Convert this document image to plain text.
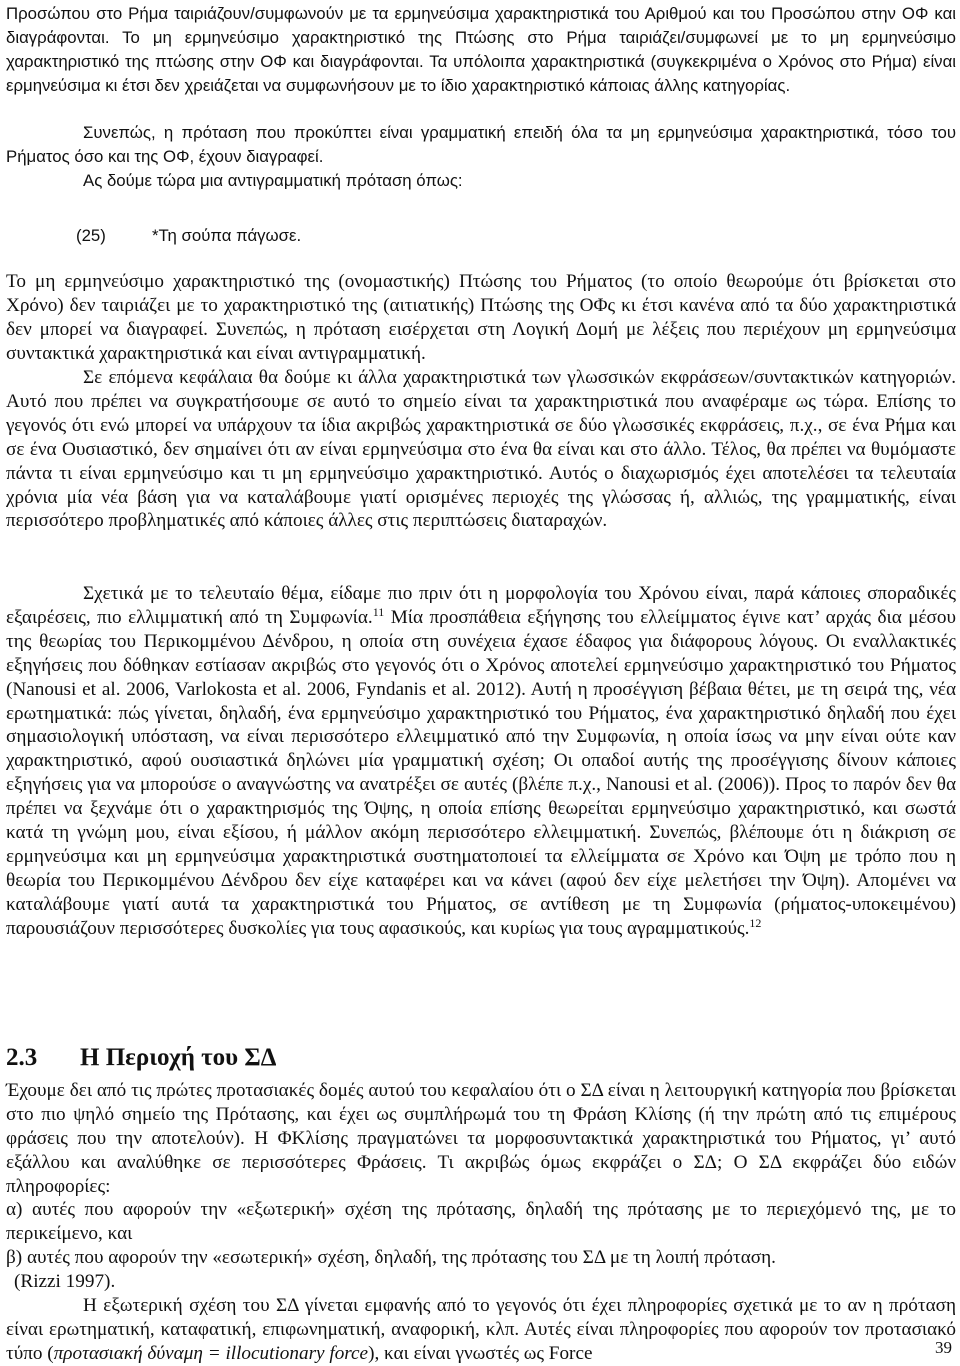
Προσώπου στο Ρήμα ταιριάζουν/συμφωνούν με τα ερμηνεύσιμα χαρακτηριστικά του Αριθμού και του Προσώπου στην ΟΦ και διαγράφονται. Το μη ερμηνεύσιμο χαρακτηριστικό της Πτώσης στο Ρήμα ταιριάζει/συμφωνεί με το μη ερμηνεύσιμο χαρακτηριστικό της πτώσης στην ΟΦ και διαγράφονται. Τα υπόλοιπα χαρακτηριστικά (συγκεκριμένα ο Χρόνος στο Ρήμα) είναι ερμηνεύσιμα κι έτσι δεν χρειάζεται να συμφωνήσουν με το ίδιο χαρακτηριστικό κάποιας άλλης κατηγορίας.

Συνεπώς, η πρόταση που προκύπτει είναι γραμματική επειδή όλα τα μη ερμηνεύσιμα χαρακτηριστικά, τόσο του Ρήματος όσο και της ΟΦ, έχουν διαγραφεί.

Ας δούμε τώρα μια αντιγραμματική πρόταση όπως:

(25)	*Τη σούπα πάγωσε.

Το μη ερμηνεύσιμο χαρακτηριστικό της (ονομαστικής) Πτώσης του Ρήματος (το οποίο θεωρούμε ότι βρίσκεται στο Χρόνο) δεν ταιριάζει με το χαρακτηριστικό της (αιτιατικής) Πτώσης της ΟΦς κι έτσι κανένα από τα δύο χαρακτηριστικά δεν μπορεί να διαγραφεί. Συνεπώς, η πρόταση εισέρχεται στη Λογική Δομή με λέξεις που περιέχουν μη ερμηνεύσιμα συντακτικά χαρακτηριστικά και είναι αντιγραμματική.

Σε επόμενα κεφάλαια θα δούμε κι άλλα χαρακτηριστικά των γλωσσικών εκφράσεων/συντακτικών κατηγοριών. Αυτό που πρέπει να συγκρατήσουμε σε αυτό το σημείο είναι τα χαρακτηριστικά που αναφέραμε ως τώρα. Επίσης το γεγονός ότι ενώ μπορεί να υπάρχουν τα ίδια ακριβώς χαρακτηριστικά σε δύο γλωσσικές εκφράσεις, π.χ., σε ένα Ρήμα και σε ένα Ουσιαστικό, δεν σημαίνει ότι αν είναι ερμηνεύσιμα στο ένα θα είναι και στο άλλο. Τέλος, θα πρέπει να θυμόμαστε πάντα τι είναι ερμηνεύσιμο και τι μη ερμηνεύσιμο χαρακτηριστικό. Αυτός ο διαχωρισμός έχει αποτελέσει τα τελευταία χρόνια μία νέα βάση για να καταλάβουμε γιατί ορισμένες περιοχές της γλώσσας ή, αλλιώς, της γραμματικής, είναι περισσότερο προβληματικές από κάποιες άλλες στις περιπτώσεις διαταραχών.

Σχετικά με το τελευταίο θέμα, είδαμε πιο πριν ότι η μορφολογία του Χρόνου είναι, παρά κάποιες σποραδικές εξαιρέσεις, πιο ελλιμματική από τη Συμφωνία.$^{11}$ Μία προσπάθεια εξήγησης του ελλείμματος έγινε κατ’ αρχάς δια μέσου της θεωρίας του Περικομμένου Δένδρου, η οποία στη συνέχεια έχασε έδαφος για διάφορους λόγους. Οι εναλλακτικές εξηγήσεις που δόθηκαν εστίασαν ακριβώς στο γεγονός ότι ο Χρόνος αποτελεί ερμηνεύσιμο χαρακτηριστικό του Ρήματος (Nanousi et al. 2006, Varlokosta et al. 2006, Fyndanis et al. 2012). Αυτή η προσέγγιση βέβαια θέτει, με τη σειρά της, νέα ερωτηματικά: πώς γίνεται, δηλαδή, ένα ερμηνεύσιμο χαρακτηριστικό του Ρήματος, ένα χαρακτηριστικό δηλαδή που έχει σημασιολογική υπόσταση, να είναι περισσότερο ελλειμματικό από την Συμφωνία, η οποία ίσως να μην είναι ούτε καν χαρακτηριστικό, αφού ουσιαστικά δηλώνει μία γραμματική σχέση; Οι οπαδοί αυτής της προσέγγισης δίνουν κάποιες εξηγήσεις για να μπορούσε ο αναγνώστης να ανατρέξει σε αυτές (βλέπε π.χ., Nanousi et al. (2006)). Προς το παρόν δεν θα πρέπει να ξεχνάμε ότι ο χαρακτηρισμός της Όψης, η οποία επίσης θεωρείται ερμηνεύσιμο χαρακτηριστικό, και σωστά κατά τη γνώμη μου, είναι εξίσου, ή μάλλον ακόμη περισσότερο ελλειμματική. Συνεπώς, βλέπουμε ότι η διάκριση σε ερμηνεύσιμα και μη ερμηνεύσιμα χαρακτηριστικά συστηματοποιεί τα ελλείμματα σε Χρόνο και Όψη με τρόπο που η θεωρία του Περικομμένου Δένδρου δεν είχε καταφέρει και να κάνει (αφού δεν είχε μελετήσει την Όψη). Απομένει να καταλάβουμε γιατί αυτά τα χαρακτηριστικά του Ρήματος, σε αντίθεση με τη Συμφωνία (ρήματος-υποκειμένου) παρουσιάζουν περισσότερες δυσκολίες για τους αφασικούς, και κυρίως για τους αγραμματικούς.$^{12}$

2.3 Η Περιοχή του ΣΔ

Έχουμε δει από τις πρώτες προτασιακές δομές αυτού του κεφαλαίου ότι ο ΣΔ είναι η λειτουργική κατηγορία που βρίσκεται στο πιο ψηλό σημείο της Πρότασης, και έχει ως συμπλήρωμά του τη Φράση Κλίσης (ή την πρώτη από τις επιμέρους φράσεις που την αποτελούν). Η ΦΚλίσης πραγματώνει τα μορφοσυντακτικά χαρακτηριστικά του Ρήματος, γι’ αυτό εξάλλου και αναλύθηκε σε περισσότερες Φράσεις. Τι ακριβώς όμως εκφράζει ο ΣΔ; Ο ΣΔ εκφράζει δύο ειδών πληροφορίες:

α) αυτές που αφορούν την «εξωτερική» σχέση της πρότασης, δηλαδή της πρότασης με το περιεχόμενό της, με το περικείμενο, και

β) αυτές που αφορούν την «εσωτερική» σχέση, δηλαδή, της πρότασης του ΣΔ με τη λοιπή πρόταση.

(Rizzi 1997).

Η εξωτερική σχέση του ΣΔ γίνεται εμφανής από το γεγονός ότι έχει πληροφορίες σχετικά με το αν η πρόταση είναι ερωτηματική, καταφατική, επιφωνηματική, αναφορική, κλπ. Αυτές είναι πληροφορίες που αφορούν τον προτασιακό τύπο (προτασιακή δύναμη = illocutionary force), και είναι γνωστές ως Force	39
